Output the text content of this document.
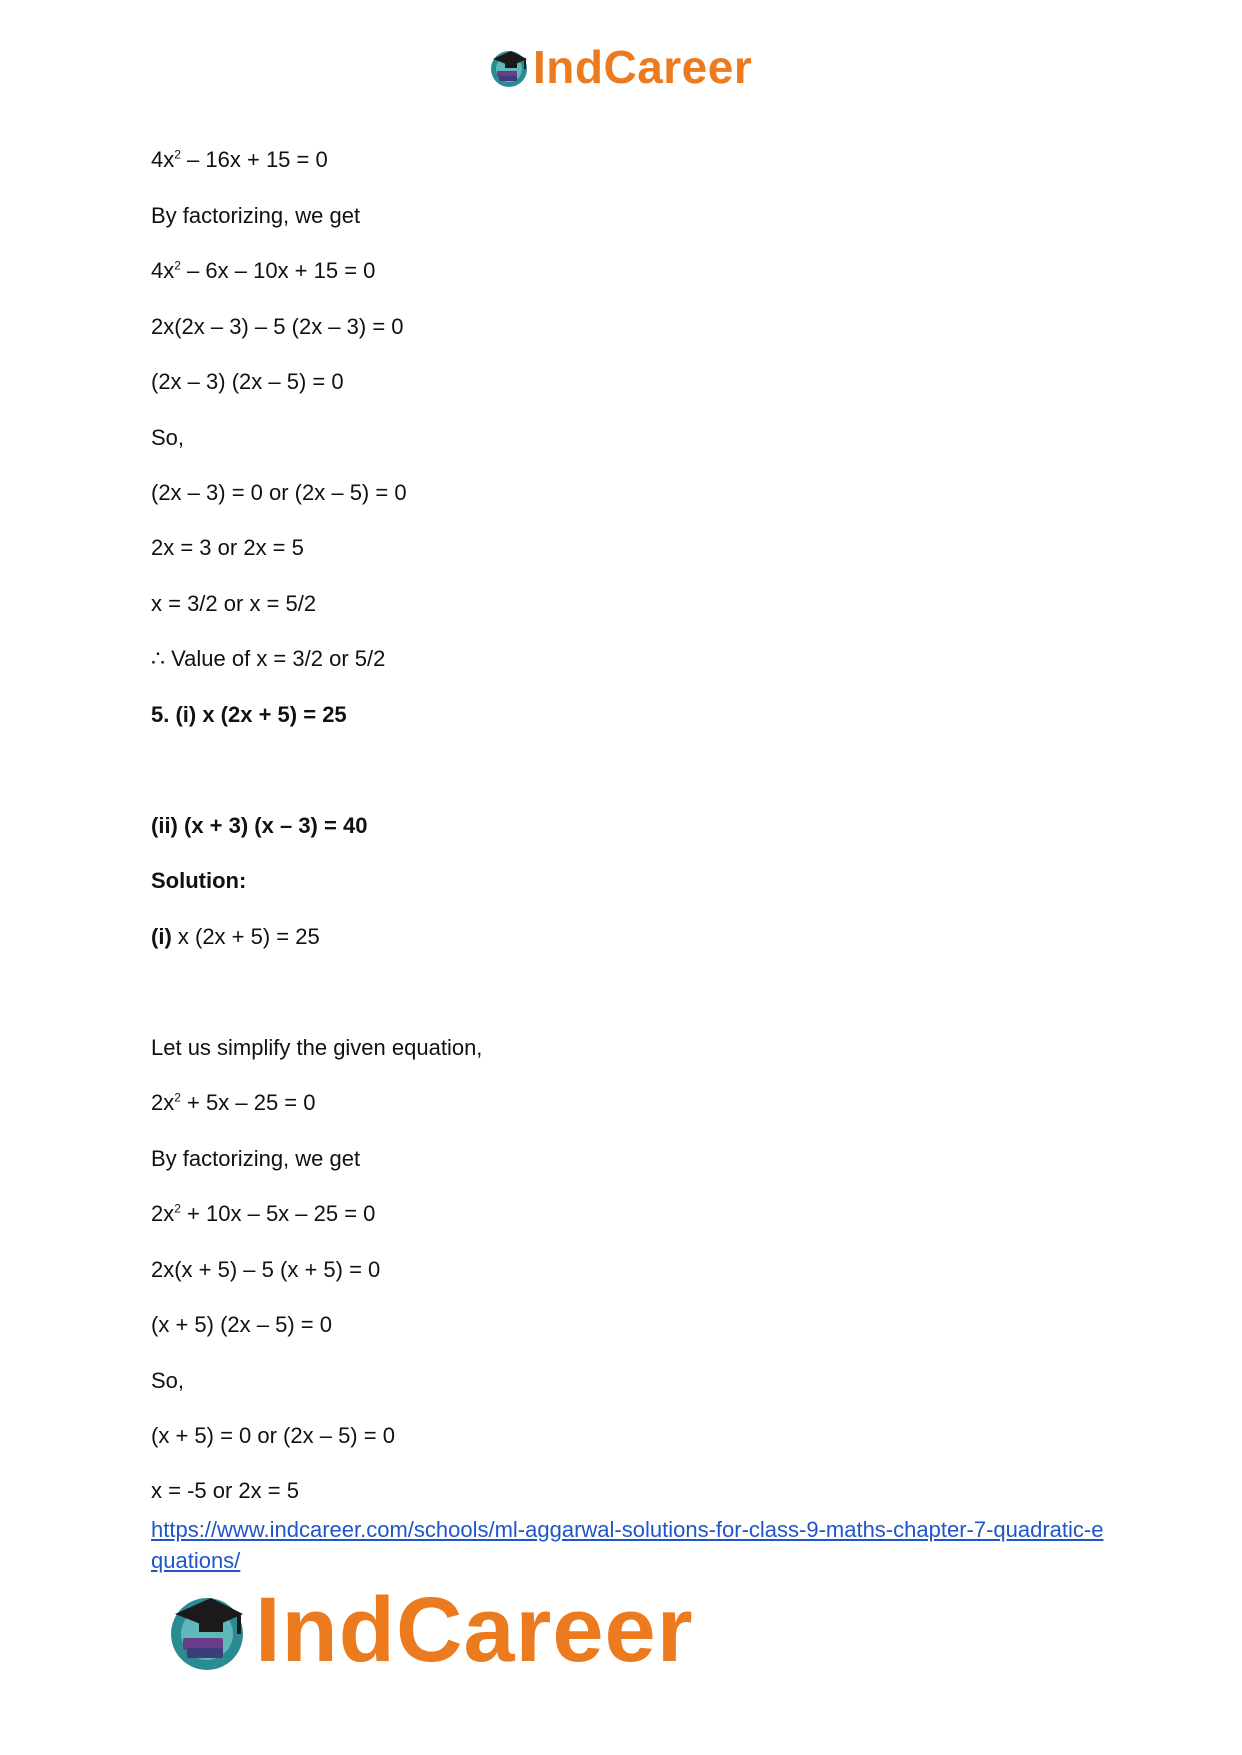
IndCareer
$4x^2 - 16x + 15 = 0$
By factorizing, we get
$4x^2 - 6x - 10x + 15 = 0$
2x(2x – 3) – 5 (2x – 3) = 0
(2x – 3) (2x – 5) = 0
So,
(2x – 3) = 0 or (2x – 5) = 0
2x = 3 or 2x = 5
x = 3/2 or x = 5/2
∴ Value of x = 3/2 or 5/2
5. (i) x (2x + 5) = 25
(ii) (x + 3) (x – 3) = 40
Solution:
(i) x (2x + 5) = 25
Let us simplify the given equation,
$2x^2 + 5x - 25 = 0$
By factorizing, we get
$2x^2 + 10x - 5x - 25 = 0$
2x(x + 5) – 5 (x + 5) = 0
(x + 5) (2x – 5) = 0
So,
(x + 5) = 0 or (2x – 5) = 0
x = -5 or 2x = 5
https://www.indcareer.com/schools/ml-aggarwal-solutions-for-class-9-maths-chapter-7-quadratic-equations/
IndCareer
